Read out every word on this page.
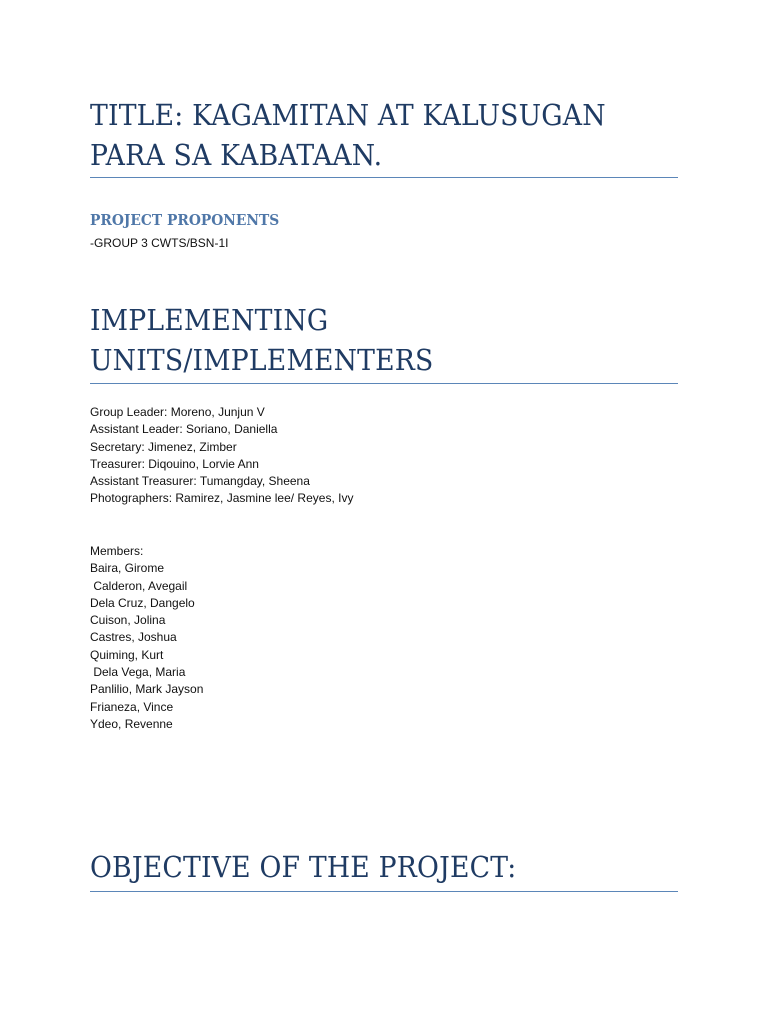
TITLE: KAGAMITAN AT KALUSUGAN

PARA SA KABATAAN.

PROJECT PROPONENTS

-GROUP 3 CWTS/BSN-1I

IMPLEMENTING

UNITS/IMPLEMENTERS

Group Leader: Moreno, Junjun V

Assistant Leader: Soriano, Daniella

Secretary: Jimenez, Zimber

Treasurer: Diqouino, Lorvie Ann

Assistant Treasurer: Tumangday, Sheena

Photographers: Ramirez, Jasmine lee/ Reyes, Ivy

Members:

Baira, Girome

Calderon, Avegail

Dela Cruz, Dangelo

Cuison, Jolina

Castres, Joshua

Quiming, Kurt

Dela Vega, Maria

Panlilio, Mark Jayson

Frianeza, Vince

Ydeo, Revenne

OBJECTIVE OF THE PROJECT:
